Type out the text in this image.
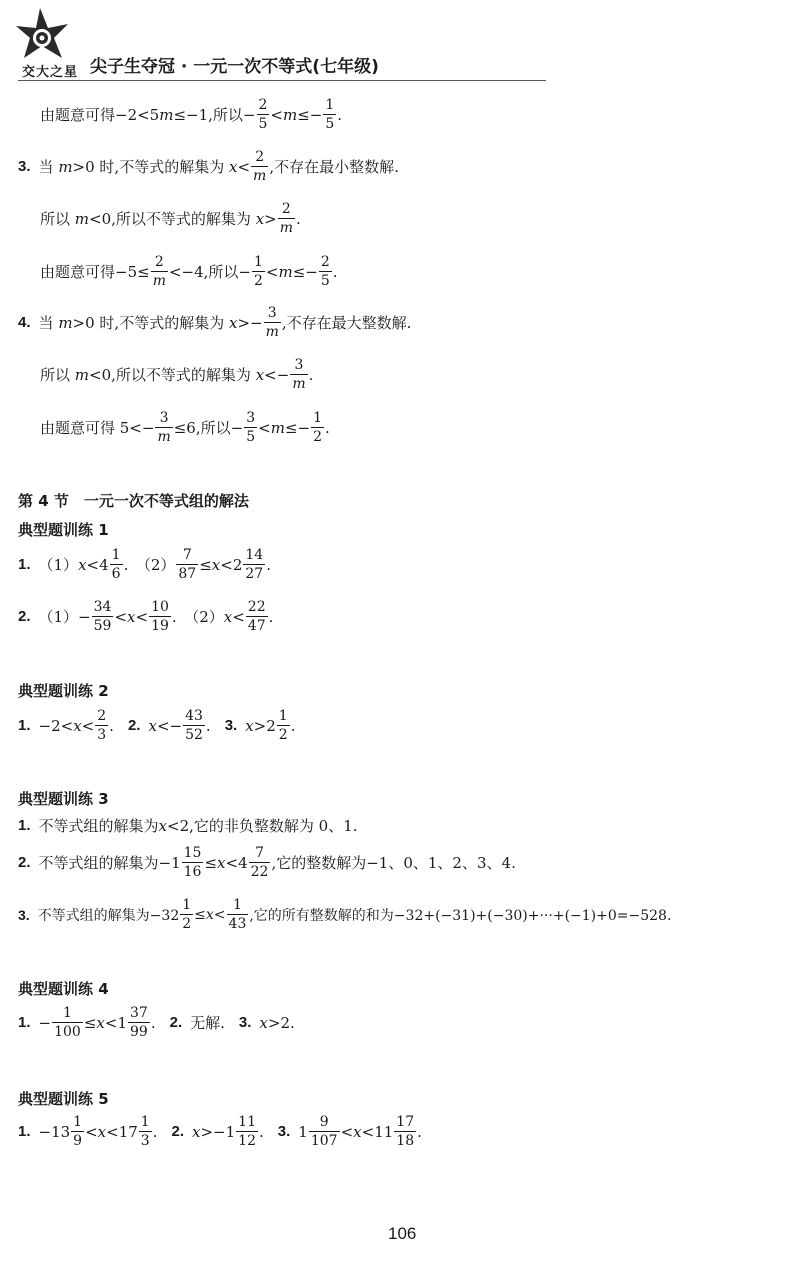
交大之星 尖子生夺冠 · 一元一次不等式(七年级)
由题意可得−2<5 m ≤−1,所以− $\frac{2}{5} < m \le- \frac{1}{5}$ .
3. 当
m >0 时,不等式的解集为
$x < \frac{2}{m}$ ,不存在最小整数解.
所以
m <0,所以不等式的解集为
$x > \frac{2}{m}$ .
由题意可得$-5\le \frac{2}{m} <-4$,所以− $\frac{1}{2} < m \le- \frac{2}{5}$ .
4. 当
m >0 时,不等式的解集为
$x >- \frac{3}{m}$ ,不存在最大整数解.
所以
m <0,所以不等式的解集为
$x <- \frac{3}{m}$ .
由题意可得 $5<- \frac{3}{m} \le 6$,所以− $\frac{3}{5} < m \le- \frac{1}{2}$ .
第 4 节　一元一次不等式组的解法
典型题训练 1
1. （1） $x <4 \frac{1}{6}$ .　$(2) \frac{7}{87} \le x <2 \frac{14}{27}$ .
2. $(1)- \frac{34}{59} < x < \frac{10}{19}$ .　（2） $x < \frac{22}{47}$ .
典型题训练 2
1. $-2< x < \frac{2}{3}$ . 2. $x <- \frac{43}{52}$ . 3. $x >2 \frac{1}{2}$ .
典型题训练 3
1. 不等式组的解集为 x <2,它的非负整数解为 0、1.
2. 不等式组的解集为$-1 \frac{15}{16} \le x <4 \frac{7}{22}$ ,它的整数解为−1、0、1、2、3、4.
3. 不等式组的解集为$-32 \frac{1}{2} \le x < \frac{1}{43}$ ,它的所有整数解的和为−32+(−31)+(−30)+···+(−1)+0=−528.
典型题训练 4
1. − $\frac{1}{100} \le x <1 \frac{37}{99}$ . 2. 无解. 3. x >2.
典型题训练 5
1. $-13 \frac{1}{9} < x <17 \frac{1}{3}$ . 2. $x >-1 \frac{11}{12}$ . 3. $1 \frac{9}{107} < x <11 \frac{17}{18}$ .
106
